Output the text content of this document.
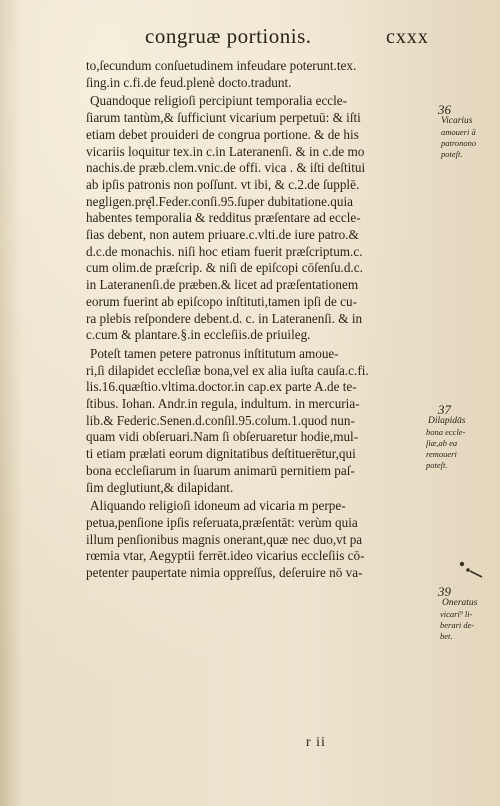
congruæ portionis.	cxxx
to,ſecundum conſuetudinem infeudare poterunt.tex.
ſing.in c.fi.de feud.plenè docto.tradunt.
Quandoque religioſi percipiunt temporalia eccle-
ſiarum tantùm,& ſufficiunt vicarium perpetuū: & iſti
etiam debet prouideri de congrua portione. & de his
vicariis loquitur tex.in c.in Lateranenſi. & in c.de mo
nachis.de præb.clem.vnic.de offi. vica . & iſti deſtitui
ab ipſis patronis non poſſunt. vt ibi, & c.2.de ſupplē.
negligen.prę̄l.Feder.conſi.95.ſuper dubitatione.quia
habentes temporalia & redditus præſentare ad eccle-
ſias debent, non autem priuare.c.vlti.de iure patro.&
d.c.de monachis. niſi hoc etiam fuerit præſcriptum.c.
cum olim.de præſcrip. & niſi de epiſcopi cōſenſu.d.c.
in Lateranenſi.de præben.& licet ad præſentationem
eorum fuerint ab epiſcopo inſtituti,tamen ipſi de cu-
ra plebis reſpondere debent.d. c. in Lateranenſi. & in
c.cum & plantare.§.in eccleſiis.de priuileg.
Poteſt tamen petere patronus inſtitutum amoue-
ri,ſi dilapidet eccleſiæ bona,vel ex alia iuſta cauſa.c.fi.
lis.16.quæſtio.vltima.doctor.in cap.ex parte A.de te-
ſtibus. Iohan. Andr.in regula, indultum. in mercuria-
lib.& Federic.Senen.d.conſil.95.colum.1.quod nun-
quam vidi obſeruari.Nam ſi obſeruaretur hodie,mul-
ti etiam prælati eorum dignitatibus deſtituerētur,qui
bona eccleſiarum in ſuarum animarū pernitiem paſ-
ſim deglutiunt,& dilapidant.
Aliquando religioſi idoneum ad vicaria m perpe-
petua,penſione ipſis reſeruata,præſentāt: verùm quia
illum penſionibus magnis onerant,quæ nec duo,vt pa
rœmia vtar, Aegyptii ferrēt.ideo vicarius eccleſiis cō-
petenter paupertate nimia oppreſſus, deſeruire nō va-
36
Vicarius
amoueri ā
patronono
poteſt.
37
Dilapidās
bona eccle-
ſiæ,ab ea
remoueri
poteſt.
39
Oneratus
vicari⁹ li-
berari de-
bet.
r ii
